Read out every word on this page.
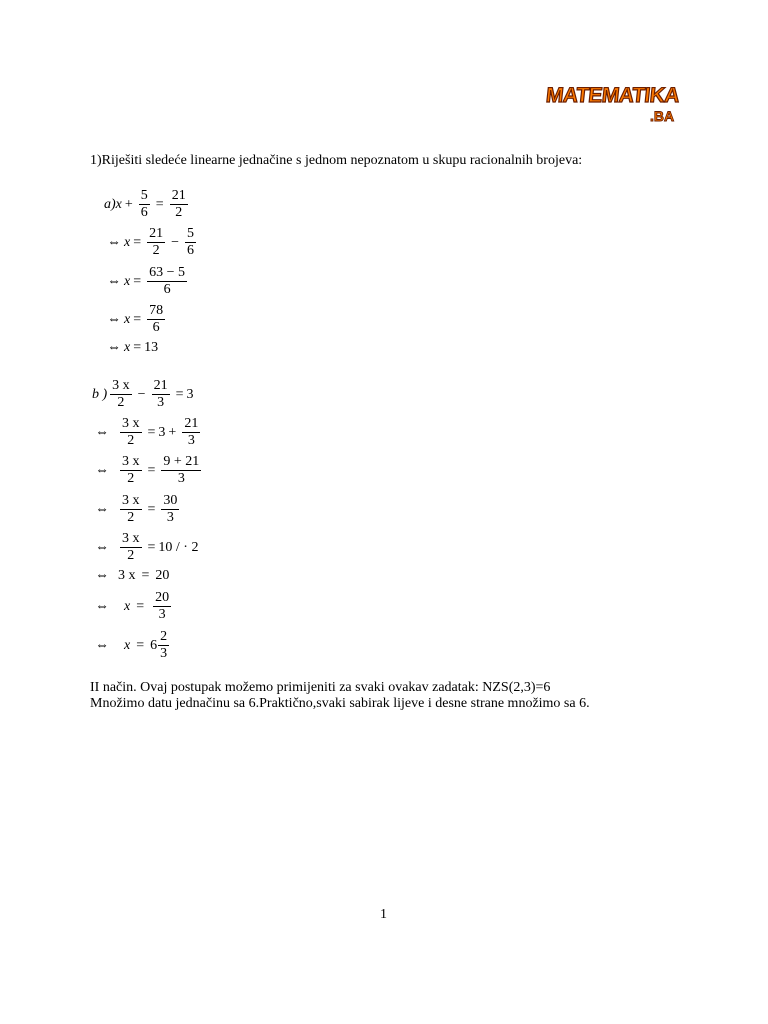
MATEMATIKA
.BA
1)Riješiti sledeće linearne jednačine s jednom nepoznatom u skupu racionalnih brojeva:
a) $x + \frac{5}{6} = \frac{21}{2}$
⇔ $x = \frac{21}{2} - \frac{5}{6}$
⇔ $x = \frac{63 - 5}{6}$
⇔ $x = \frac{78}{6}$
⇔ x = 13
b ) $\frac{3 x}{2} - \frac{21}{3} = 3$
⇔ $\frac{3 x}{2} = 3 + \frac{21}{3}$
⇔ $\frac{3 x}{2} = \frac{9 + 21}{3}$
⇔ $\frac{3 x}{2} = \frac{30}{3}$
⇔ $\frac{3 x}{2} = 10$ / · 2
⇔ 3 x = 20
⇔ $x = \frac{20}{3}$
⇔ $x = 6 \frac{2}{3}$
II način. Ovaj postupak možemo primijeniti za svaki ovakav zadatak: NZS(2,3)=6
Množimo datu jednačinu sa 6.Praktično,svaki sabirak lijeve i desne strane množimo sa 6.
1
